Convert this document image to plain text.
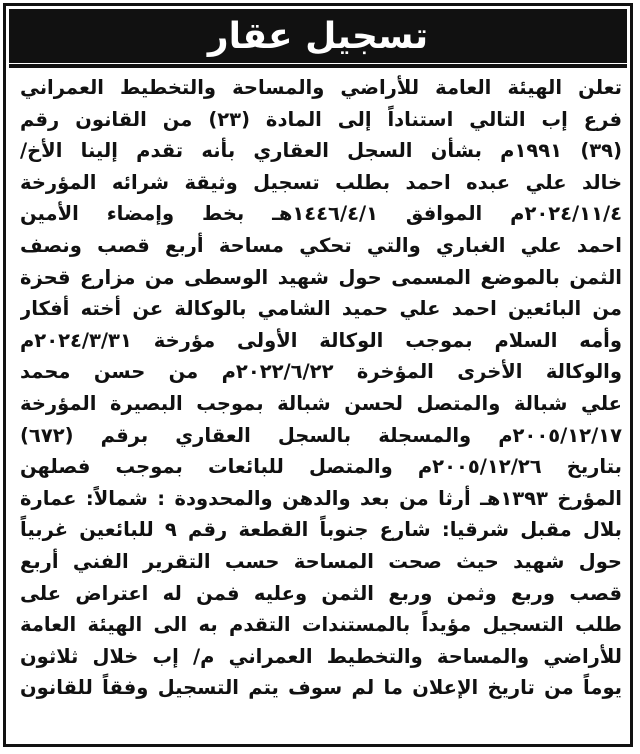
تسجيل عقار
تعلن الهيئة العامة للأراضي والمساحة والتخطيط العمراني
فرع إب التالي استناداً إلى المادة (٢٣) من القانون رقم
(٣٩) ١٩٩١م بشأن السجل العقاري بأنه تقدم إلينا الأخ/
خالد علي عبده احمد بطلب تسجيل وثيقة شرائه المؤرخة
٢٠٢٤/١١/٤م الموافق ١٤٤٦/٤/١هـ بخط وإمضاء الأمين
احمد علي الغباري والتي تحكي مساحة أربع قصب ونصف
الثمن بالموضع المسمى حول شهيد الوسطى من مزارع قحزة
من البائعين احمد علي حميد الشامي بالوكالة عن أخته أفكار
وأمه السلام بموجب الوكالة الأولى مؤرخة ٢٠٢٤/٣/٣١م
والوكالة الأخرى المؤخرة ٢٠٢٢/٦/٢٢م من حسن محمد
علي شبالة والمتصل لحسن شبالة بموجب البصيرة المؤرخة
٢٠٠٥/١٢/١٧م والمسجلة بالسجل العقاري برقم (٦٧٢)
بتاريخ ٢٠٠٥/١٢/٢٦م والمتصل للبائعات بموجب فصلهن
المؤرخ ١٣٩٣هـ أرثا من بعد والدهن والمحدودة : شمالاً: عمارة
بلال مقبل شرقيا: شارع جنوباً القطعة رقم ٩ للبائعين غربياً
حول شهيد حيث صحت المساحة حسب التقرير الفني أربع
قصب وربع وثمن وربع الثمن وعليه فمن له اعتراض على
طلب التسجيل مؤيداً بالمستندات التقدم به الى الهيئة العامة
للأراضي والمساحة والتخطيط العمراني م/ إب خلال ثلاثون
يوماً من تاريخ الإعلان ما لم سوف يتم التسجيل وفقاً للقانون
